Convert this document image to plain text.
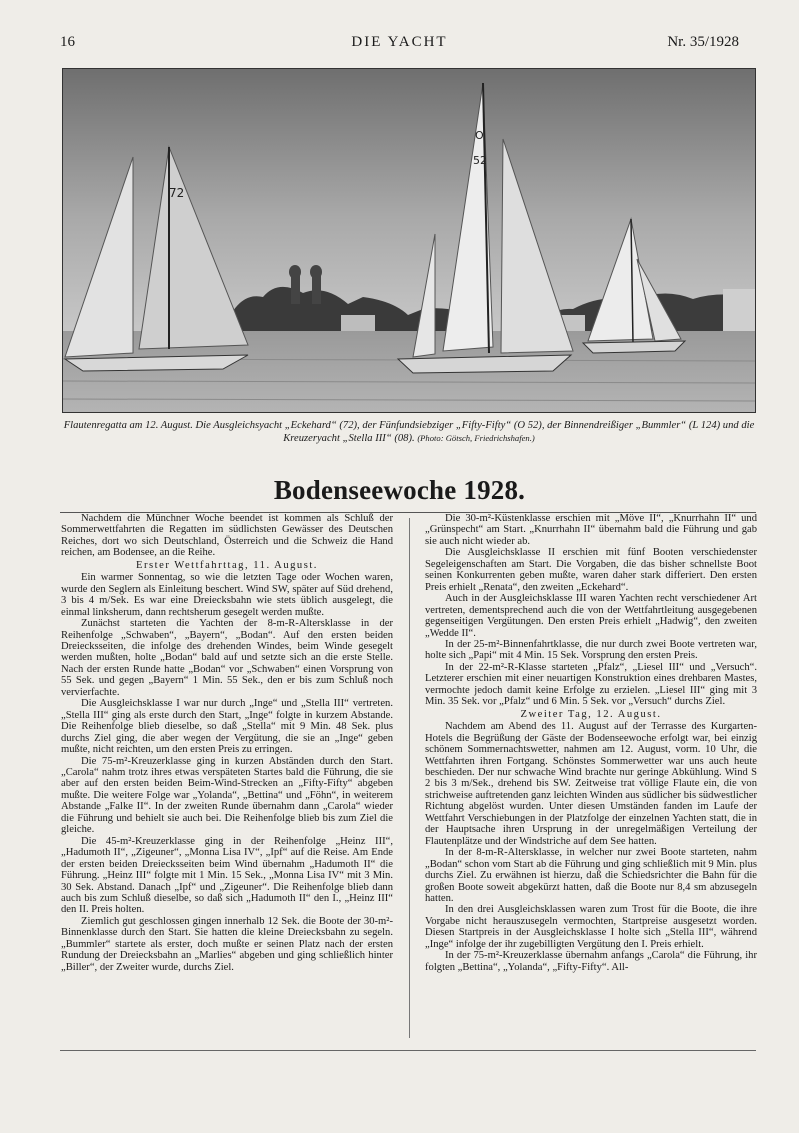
16	DIE YACHT	Nr. 35/1928
72
O
52
Flautenregatta am 12. August. Die Ausgleichsyacht „Eckehard“ (72), der Fünfundsiebziger „Fifty-Fifty“ (O 52), der Binnendreißiger „Bummler“ (L 124) und die Kreuzeryacht „Stella III“ (08). (Photo: Götsch, Friedrichshafen.)
Bodenseewoche 1928.

Nachdem die Münchner Woche beendet ist kommen als Schluß der Sommerwettfahrten die Regatten im südlichsten Gewässer des Deutschen Reiches, dort wo sich Deutschland, Österreich und die Schweiz die Hand reichen, am Bodensee, an die Reihe.

Erster Wettfahrttag, 11. August.

Ein warmer Sonnentag, so wie die letzten Tage oder Wochen waren, wurde den Seglern als Einleitung beschert. Wind SW, später auf Süd drehend, 3 bis 4 m/Sek. Es war eine Dreiecksbahn wie stets üblich ausgelegt, die einmal linksherum, dann rechtsherum gesegelt werden mußte.

Zunächst starteten die Yachten der 8-m-R-Altersklasse in der Reihenfolge „Schwaben“, „Bayern“, „Bodan“. Auf den ersten beiden Dreiecksseiten, die infolge des drehenden Windes, beim Winde gesegelt werden mußten, holte „Bodan“ bald auf und setzte sich an die erste Stelle. Nach der ersten Runde hatte „Bodan“ vor „Schwaben“ einen Vorsprung von 55 Sek. und gegen „Bayern“ 1 Min. 55 Sek., den er bis zum Schluß noch vervierfachte.

Die Ausgleichsklasse I war nur durch „Inge“ und „Stella III“ vertreten. „Stella III“ ging als erste durch den Start, „Inge“ folgte in kurzem Abstande. Die Reihenfolge blieb dieselbe, so daß „Stella“ mit 9 Min. 48 Sek. plus durchs Ziel ging, die aber wegen der Vergütung, die sie an „Inge“ geben mußte, nicht reichten, um den ersten Preis zu erringen.

Die 75-m²-Kreuzerklasse ging in kurzen Abständen durch den Start. „Carola“ nahm trotz ihres etwas verspäteten Startes bald die Führung, die sie aber auf den ersten beiden Beim-Wind-Strecken an „Fifty-Fifty“ abgeben mußte. Die weitere Folge war „Yolanda“, „Bettina“ und „Föhn“, in weiterem Abstande „Falke II“. In der zweiten Runde übernahm dann „Carola“ wieder die Führung und behielt sie auch bei. Die Reihenfolge blieb bis zum Ziel die gleiche.

Die 45-m²-Kreuzerklasse ging in der Reihenfolge „Heinz III“, „Hadumoth II“, „Zigeuner“, „Monna Lisa IV“, „Ipf“ auf die Reise. Am Ende der ersten beiden Dreiecksseiten beim Wind übernahm „Hadumoth II“ die Führung. „Heinz III“ folgte mit 1 Min. 15 Sek., „Monna Lisa IV“ mit 3 Min. 30 Sek. Abstand. Danach „Ipf“ und „Zigeuner“. Die Reihenfolge blieb dann auch bis zum Schluß dieselbe, so daß sich „Hadumoth II“ den I., „Heinz III“ den II. Preis holten.

Ziemlich gut geschlossen gingen innerhalb 12 Sek. die Boote der 30-m²-Binnenklasse durch den Start. Sie hatten die kleine Dreiecksbahn zu segeln. „Bummler“ startete als erster, doch mußte er seinen Platz nach der ersten Rundung der Dreiecksbahn an „Marlies“ abgeben und ging schließlich hinter „Biller“, der Zweiter wurde, durchs Ziel.

Die 30-m²-Küstenklasse erschien mit „Möve II“, „Knurrhahn II“ und „Grünspecht“ am Start. „Knurrhahn II“ übernahm bald die Führung und gab sie auch nicht wieder ab.

Die Ausgleichsklasse II erschien mit fünf Booten verschiedenster Segeleigenschaften am Start. Die Vorgaben, die das bisher schnellste Boot seinen Konkurrenten geben mußte, waren daher stark differiert. Den ersten Preis erhielt „Renata“, den zweiten „Eckehard“.

Auch in der Ausgleichsklasse III waren Yachten recht verschiedener Art vertreten, dementsprechend auch die von der Wettfahrtleitung ausgegebenen gegenseitigen Vergütungen. Den ersten Preis erhielt „Hadwig“, den zweiten „Wedde II“.

In der 25-m²-Binnenfahrtklasse, die nur durch zwei Boote vertreten war, holte sich „Papi“ mit 4 Min. 15 Sek. Vorsprung den ersten Preis.

In der 22-m²-R-Klasse starteten „Pfalz“, „Liesel III“ und „Versuch“. Letzterer erschien mit einer neuartigen Konstruktion eines drehbaren Mastes, vermochte jedoch damit keine Erfolge zu erzielen. „Liesel III“ ging mit 3 Min. 35 Sek. vor „Pfalz“ und 6 Min. 5 Sek. vor „Versuch“ durchs Ziel.

Zweiter Tag, 12. August.

Nachdem am Abend des 11. August auf der Terrasse des Kurgarten-Hotels die Begrüßung der Gäste der Bodenseewoche erfolgt war, bei einzig schönem Sommernachtswetter, nahmen am 12. August, vorm. 10 Uhr, die Wettfahrten ihren Fortgang. Schönstes Sommerwetter war uns auch heute beschieden. Der nur schwache Wind brachte nur geringe Abkühlung. Wind S 2 bis 3 m/Sek., drehend bis SW. Zeitweise trat völlige Flaute ein, die von strichweise auftretenden ganz leichten Winden aus südlicher bis südwestlicher Richtung abgelöst wurden. Unter diesen Umständen fanden im Laufe der Wettfahrt Verschiebungen in der Platzfolge der einzelnen Yachten statt, die in der Hauptsache ihren Ursprung in der unregelmäßigen Verteilung der Flautenplätze und der Windstriche auf dem See hatten.

In der 8-m-R-Altersklasse, in welcher nur zwei Boote starteten, nahm „Bodan“ schon vom Start ab die Führung und ging schließlich mit 9 Min. plus durchs Ziel. Zu erwähnen ist hierzu, daß die Schiedsrichter die Bahn für die großen Boote soweit abgekürzt hatten, daß die Boote nur 8,4 sm abzusegeln hatten.

In den drei Ausgleichsklassen waren zum Trost für die Boote, die ihre Vorgabe nicht herauszusegeln vermochten, Startpreise ausgesetzt worden. Diesen Startpreis in der Ausgleichsklasse I holte sich „Stella III“, während „Inge“ infolge der ihr zugebilligten Vergütung den I. Preis erhielt.

In der 75-m²-Kreuzerklasse übernahm anfangs „Carola“ die Führung, ihr folgten „Bettina“, „Yolanda“, „Fifty-Fifty“. All-
